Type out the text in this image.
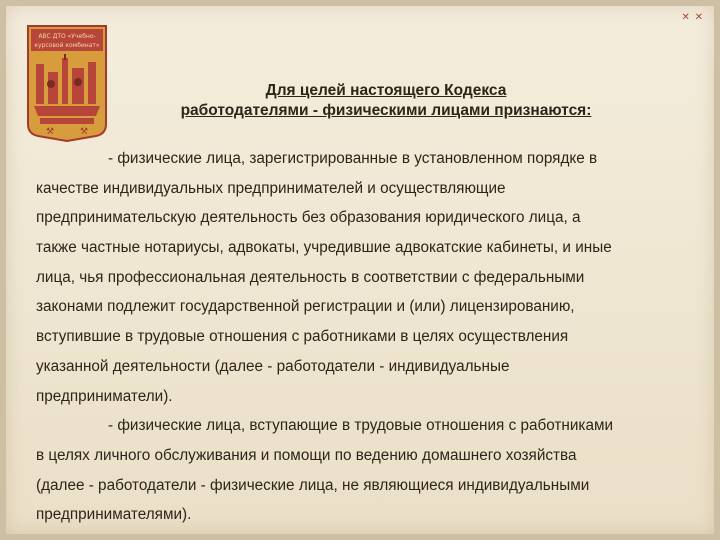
✕ ✕
АВС ДТО «Учебно-
курсовой комбинат»
⚒	⚒
Для целей настоящего Кодекса
работодателями - физическими лицами признаются:
- физические лица, зарегистрированные в установленном порядке в
качестве индивидуальных предпринимателей и осуществляющие
предпринимательскую деятельность без образования юридического лица, а
также частные нотариусы, адвокаты, учредившие адвокатские кабинеты, и иные
лица, чья профессиональная деятельность в соответствии с федеральными
законами подлежит государственной регистрации и (или) лицензированию,
вступившие в трудовые отношения с работниками в целях осуществления
указанной деятельности (далее - работодатели - индивидуальные
предприниматели).
- физические лица, вступающие в трудовые отношения с работниками
в целях личного обслуживания и помощи по ведению домашнего хозяйства
(далее - работодатели - физические лица, не являющиеся индивидуальными
предпринимателями).
